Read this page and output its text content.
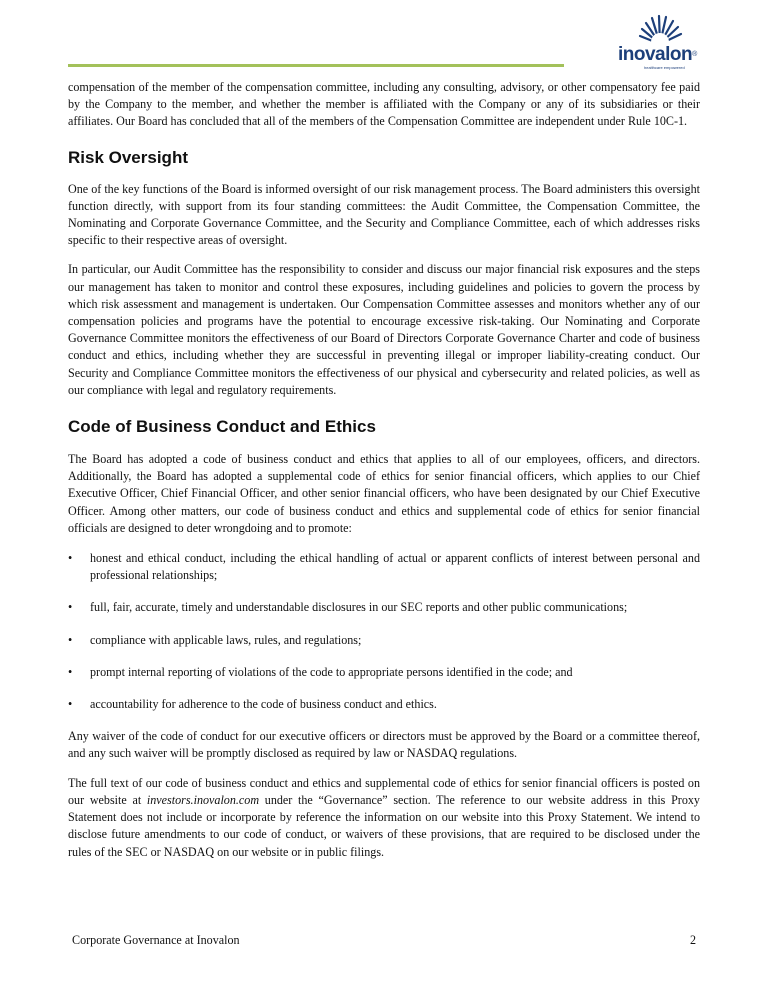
inovalon®
healthcare empowered

compensation of the member of the compensation committee, including any consulting, advisory, or other compensatory fee paid by the Company to the member, and whether the member is affiliated with the Company or any of its subsidiaries or their affiliates. Our Board has concluded that all of the members of the Compensation Committee are independent under Rule 10C-1.

Risk Oversight

One of the key functions of the Board is informed oversight of our risk management process. The Board administers this oversight function directly, with support from its four standing committees: the Audit Committee, the Compensation Committee, the Nominating and Corporate Governance Committee, and the Security and Compliance Committee, each of which addresses risks specific to their respective areas of oversight.

In particular, our Audit Committee has the responsibility to consider and discuss our major financial risk exposures and the steps our management has taken to monitor and control these exposures, including guidelines and policies to govern the process by which risk assessment and management is undertaken. Our Compensation Committee assesses and monitors whether any of our compensation policies and programs have the potential to encourage excessive risk-taking. Our Nominating and Corporate Governance Committee monitors the effectiveness of our Board of Directors Corporate Governance Charter and code of business conduct and ethics, including whether they are successful in preventing illegal or improper liability-creating conduct. Our Security and Compliance Committee monitors the effectiveness of our physical and cybersecurity and related policies, as well as our compliance with legal and regulatory requirements.

Code of Business Conduct and Ethics

The Board has adopted a code of business conduct and ethics that applies to all of our employees, officers, and directors. Additionally, the Board has adopted a supplemental code of ethics for senior financial officers, which applies to our Chief Executive Officer, Chief Financial Officer, and other senior financial officers, who have been designated by our Chief Executive Officer. Among other matters, our code of business conduct and ethics and supplemental code of ethics for senior financial officials are designed to deter wrongdoing and to promote:

• honest and ethical conduct, including the ethical handling of actual or apparent conflicts of interest between personal and professional relationships;
• full, fair, accurate, timely and understandable disclosures in our SEC reports and other public communications;
• compliance with applicable laws, rules, and regulations;
• prompt internal reporting of violations of the code to appropriate persons identified in the code; and
• accountability for adherence to the code of business conduct and ethics.

Any waiver of the code of conduct for our executive officers or directors must be approved by the Board or a committee thereof, and any such waiver will be promptly disclosed as required by law or NASDAQ regulations.

The full text of our code of business conduct and ethics and supplemental code of ethics for senior financial officers is posted on our website at investors.inovalon.com under the “Governance” section. The reference to our website address in this Proxy Statement does not include or incorporate by reference the information on our website into this Proxy Statement. We intend to disclose future amendments to our code of conduct, or waivers of these provisions, that are required to be disclosed under the rules of the SEC or NASDAQ on our website or in public filings.

Corporate Governance at Inovalon	2
